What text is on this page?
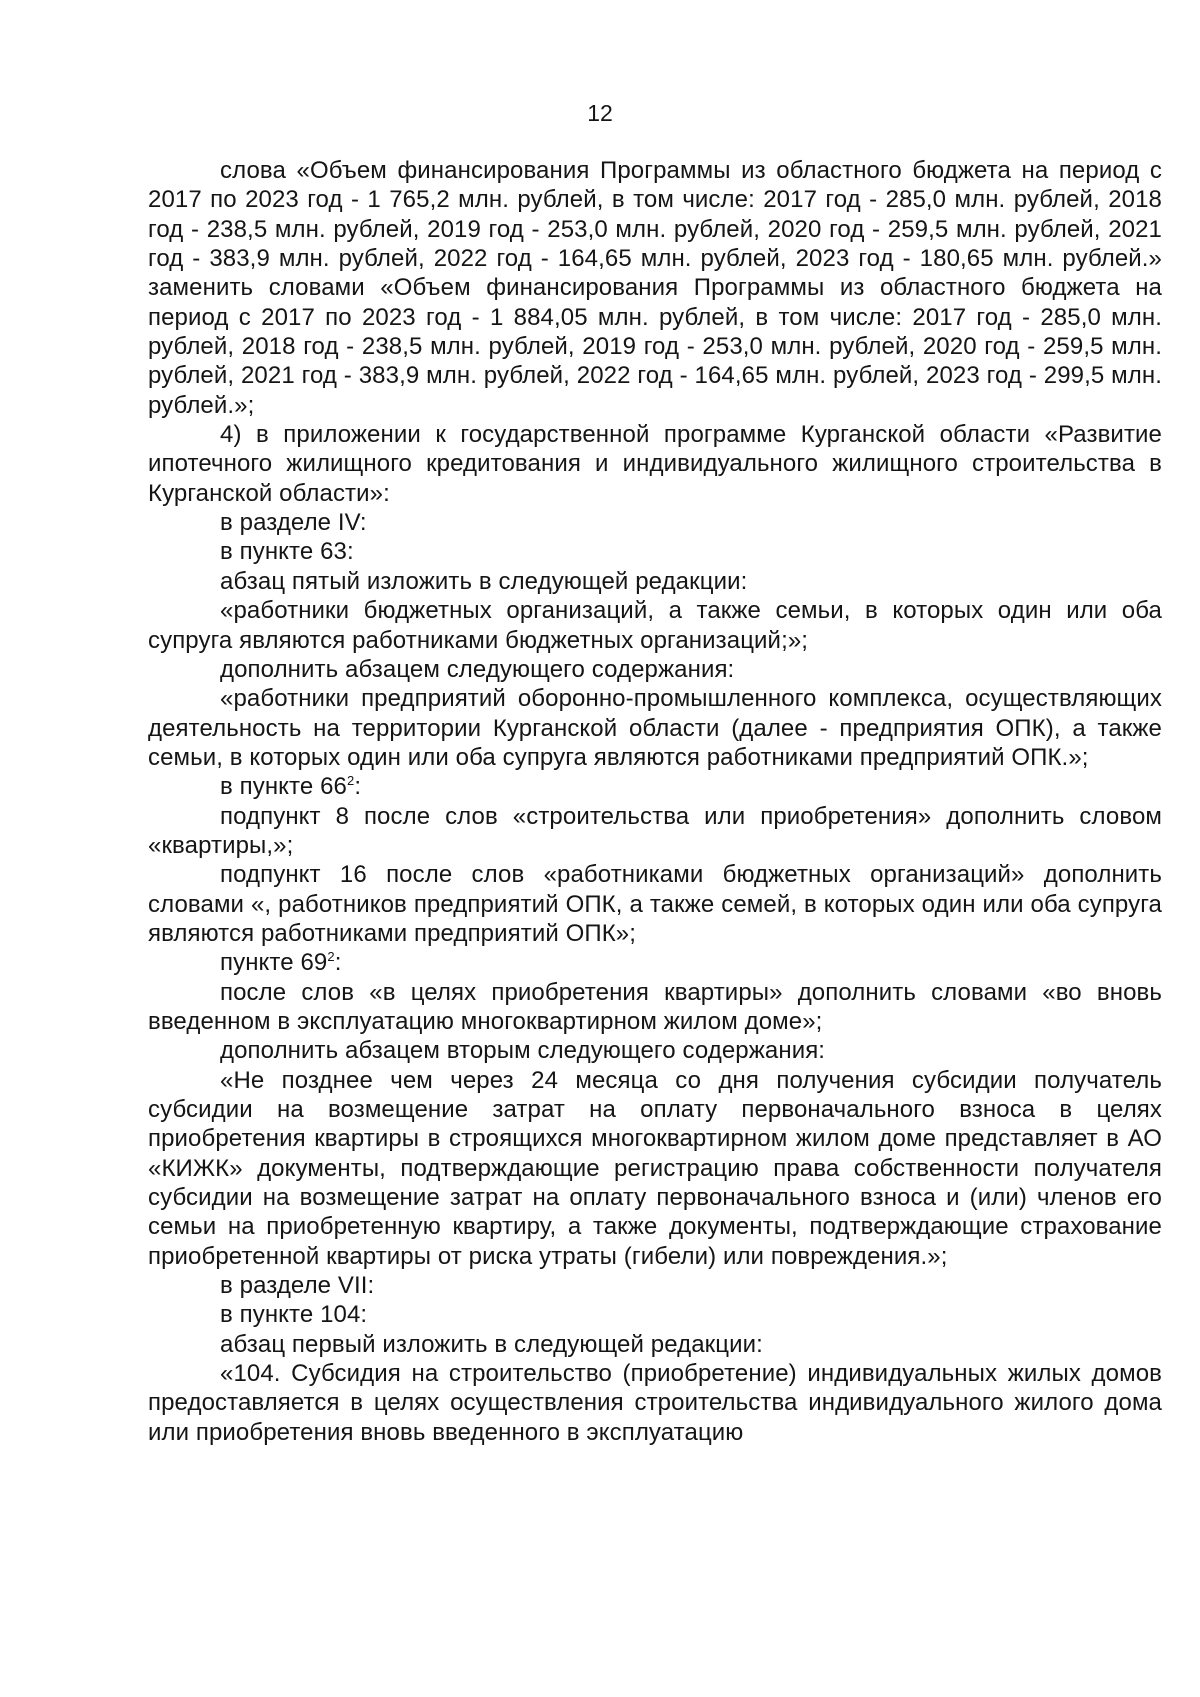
12

слова «Объем финансирования Программы из областного бюджета на период с 2017 по 2023 год - 1 765,2 млн. рублей, в том числе: 2017 год - 285,0 млн. рублей, 2018 год - 238,5 млн. рублей, 2019 год - 253,0 млн. рублей, 2020 год - 259,5 млн. рублей, 2021 год - 383,9 млн. рублей, 2022 год - 164,65 млн. рублей, 2023 год - 180,65 млн. рублей.» заменить словами «Объем финансирования Программы из областного бюджета на период с 2017 по 2023 год - 1 884,05 млн. рублей, в том числе: 2017 год - 285,0 млн. рублей, 2018 год - 238,5 млн. рублей, 2019 год - 253,0 млн. рублей, 2020 год - 259,5 млн. рублей, 2021 год - 383,9 млн. рублей, 2022 год - 164,65 млн. рублей, 2023 год - 299,5 млн. рублей.»;

4) в приложении к государственной программе Курганской области «Развитие ипотечного жилищного кредитования и индивидуального жилищного строительства в Курганской области»:

в разделе IV:

в пункте 63:

абзац пятый изложить в следующей редакции:

«работники бюджетных организаций, а также семьи, в которых один или оба супруга являются работниками бюджетных организаций;»;

дополнить абзацем следующего содержания:

«работники предприятий оборонно-промышленного комплекса, осуществляющих деятельность на территории Курганской области (далее - предприятия ОПК), а также семьи, в которых один или оба супруга являются работниками предприятий ОПК.»;

в пункте $66^2$:

подпункт 8 после слов «строительства или приобретения» дополнить словом «квартиры,»;

подпункт 16 после слов «работниками бюджетных организаций» дополнить словами «, работников предприятий ОПК, а также семей, в которых один или оба супруга являются работниками предприятий ОПК»;

пункте $69^2$:

после слов «в целях приобретения квартиры» дополнить словами «во вновь введенном в эксплуатацию многоквартирном жилом доме»;

дополнить абзацем вторым следующего содержания:

«Не позднее чем через 24 месяца со дня получения субсидии получатель субсидии на возмещение затрат на оплату первоначального взноса в целях приобретения квартиры в строящихся многоквартирном жилом доме представляет в АО «КИЖК» документы, подтверждающие регистрацию права собственности получателя субсидии на возмещение затрат на оплату первоначального взноса и (или) членов его семьи на приобретенную квартиру, а также документы, подтверждающие страхование приобретенной квартиры от риска утраты (гибели) или повреждения.»;

в разделе VII:

в пункте 104:

абзац первый изложить в следующей редакции:

«104. Субсидия на строительство (приобретение) индивидуальных жилых домов предоставляется в целях осуществления строительства индивидуального жилого дома или приобретения вновь введенного в эксплуатацию
